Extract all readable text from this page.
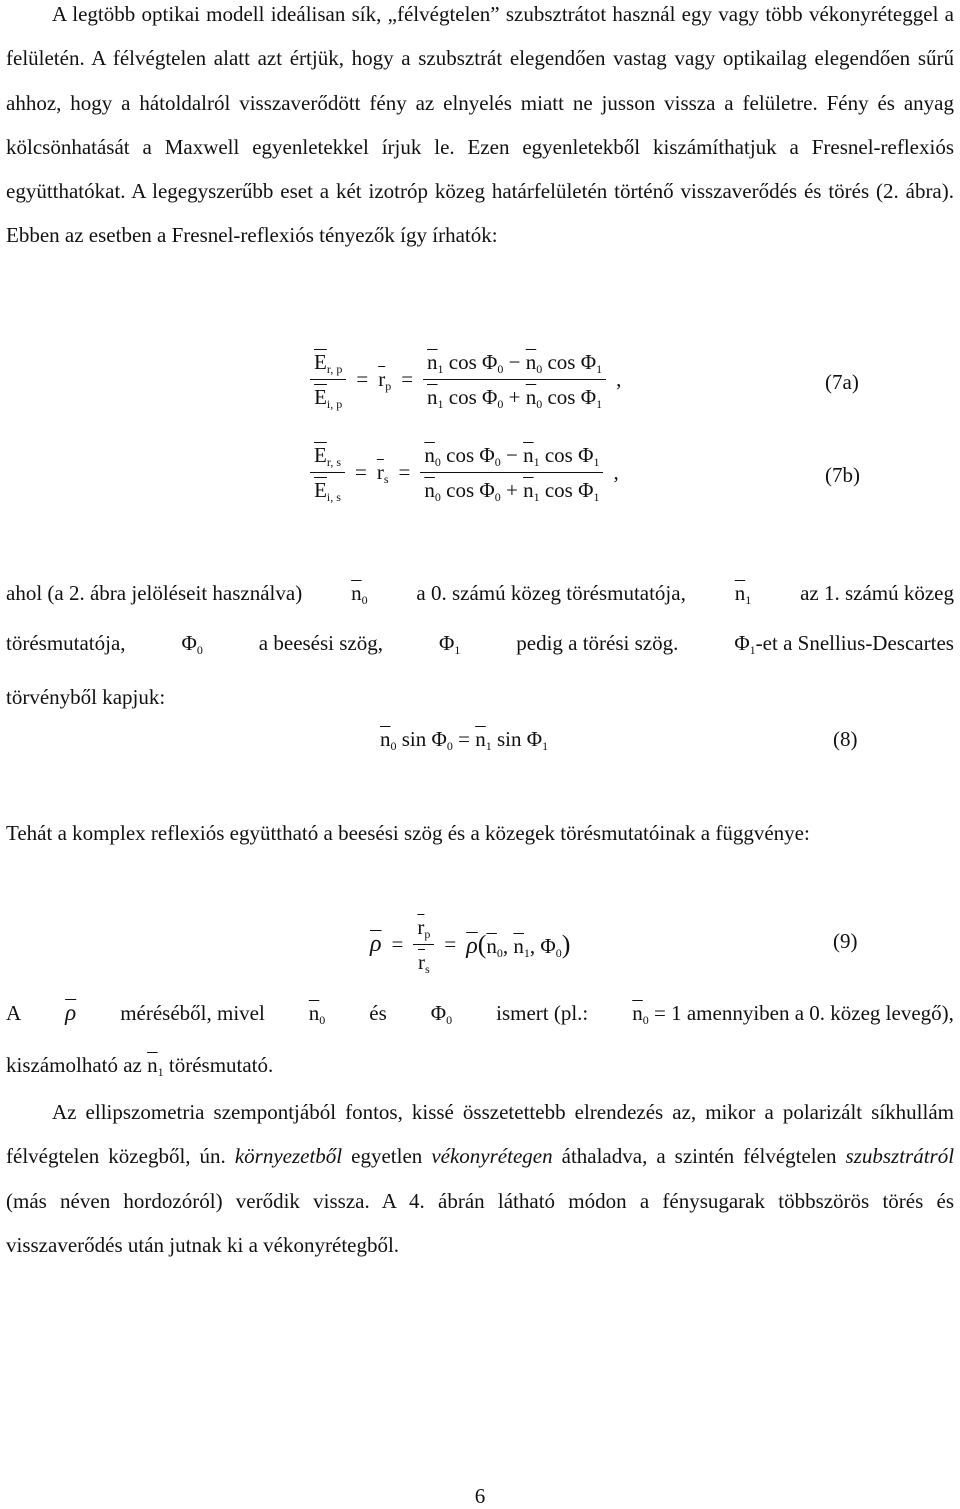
A legtöbb optikai modell ideálisan sík, „félvégtelen” szubsztrátot használ egy vagy több vékonyréteggel a felületén. A félvégtelen alatt azt értjük, hogy a szubsztrát elegendően vastag vagy optikailag elegendően sűrű ahhoz, hogy a hátoldalról visszaverődött fény az elnyelés miatt ne jusson vissza a felületre. Fény és anyag kölcsönhatását a Maxwell egyenletekkel írjuk le. Ezen egyenletekből kiszámíthatjuk a Fresnel-reflexiós együtthatókat. A legegyszerűbb eset a két izotróp közeg határfelületén történő visszaverődés és törés (2. ábra). Ebben az esetben a Fresnel-reflexiós tényezők így írhatók:

$\frac{\overline{E}_{r, p}}{\overline{E}_{i, p}} = \overline{r}_p = \frac{\overline{n}_1 \cos \Phi_0 - \overline{n}_0 \cos \Phi_1}{\overline{n}_1 \cos \Phi_0 + \overline{n}_0 \cos \Phi_1}$ ,	(7a)
$\frac{\overline{E}_{r, s}}{\overline{E}_{i, s}} = \overline{r}_s = \frac{\overline{n}_0 \cos \Phi_0 - \overline{n}_1 \cos \Phi_1}{\overline{n}_0 \cos \Phi_0 + \overline{n}_1 \cos \Phi_1}$ ,	(7b)
ahol (a 2. ábra jelöléseit használva) $\overline{n}_0$ a 0. számú közeg törésmutatója, $\overline{n}_1$ az 1. számú közeg
törésmutatója,	$\Phi_0$	a beesési szög,	$\Phi_1$	pedig a törési szög.	$\Phi_1-et$ a Snellius-Descartes
törvényből kapjuk:
$\overline{n}_0$ $\sin \Phi_0 = \overline{n}_1$ $\sin \Phi_1$	(8)

Tehát a komplex reflexiós együttható a beesési szög és a közegek törésmutatóinak a függvénye:

$\overline{\rho} = \frac{\overline{r}_p}{\overline{r}_s} = \overline{\rho}(\overline{n}_0$, $\overline{n}_1$, $\Phi_0$)	(9)
A $\overline{\rho}$ méréséből, mivel $\overline{n}_0$ és $\Phi_0$ ismert (pl.: $\overline{n}_0 = 1$ amennyiben a 0. közeg levegő),
kiszámolható az $\overline{n}_1$ törésmutató.

Az ellipszometria szempontjából fontos, kissé összetettebb elrendezés az, mikor a polarizált síkhullám félvégtelen közegből, ún. környezetből egyetlen vékonyrétegen áthaladva, a szintén félvégtelen szubsztrátról (más néven hordozóról) verődik vissza. A 4. ábrán látható módon a fénysugarak többszörös törés és visszaverődés után jutnak ki a vékonyrétegből.

6
